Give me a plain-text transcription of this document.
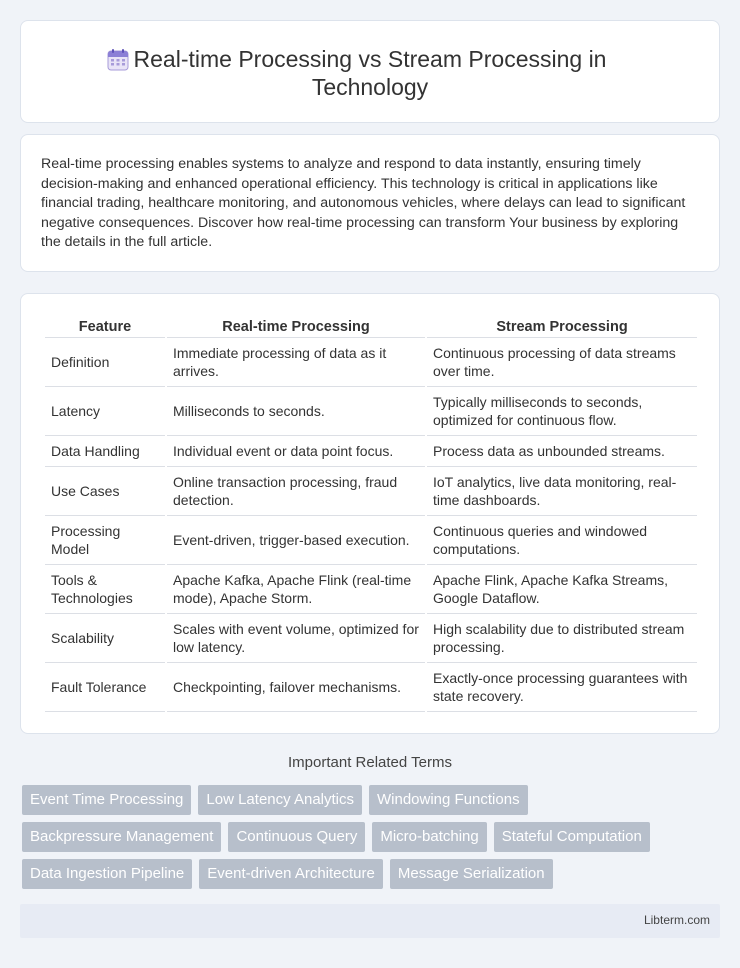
Real-time Processing vs Stream Processing in Technology

Real-time processing enables systems to analyze and respond to data instantly, ensuring timely decision-making and enhanced operational efficiency. This technology is critical in applications like financial trading, healthcare monitoring, and autonomous vehicles, where delays can lead to significant negative consequences. Discover how real-time processing can transform Your business by exploring the details in the full article.

Feature	Real-time Processing	Stream Processing
Definition	Immediate processing of data as it arrives.	Continuous processing of data streams over time.
Latency	Milliseconds to seconds.	Typically milliseconds to seconds, optimized for continuous flow.
Data Handling	Individual event or data point focus.	Process data as unbounded streams.
Use Cases	Online transaction processing, fraud detection.	IoT analytics, live data monitoring, real-time dashboards.
Processing Model	Event-driven, trigger-based execution.	Continuous queries and windowed computations.
Tools & Technologies	Apache Kafka, Apache Flink (real-time mode), Apache Storm.	Apache Flink, Apache Kafka Streams, Google Dataflow.
Scalability	Scales with event volume, optimized for low latency.	High scalability due to distributed stream processing.
Fault Tolerance	Checkpointing, failover mechanisms.	Exactly-once processing guarantees with state recovery.
Important Related Terms
Event Time Processing	Low Latency Analytics	Windowing Functions
Backpressure Management	Continuous Query	Micro-batching	Stateful Computation
Data Ingestion Pipeline	Event-driven Architecture	Message Serialization
Libterm.com
